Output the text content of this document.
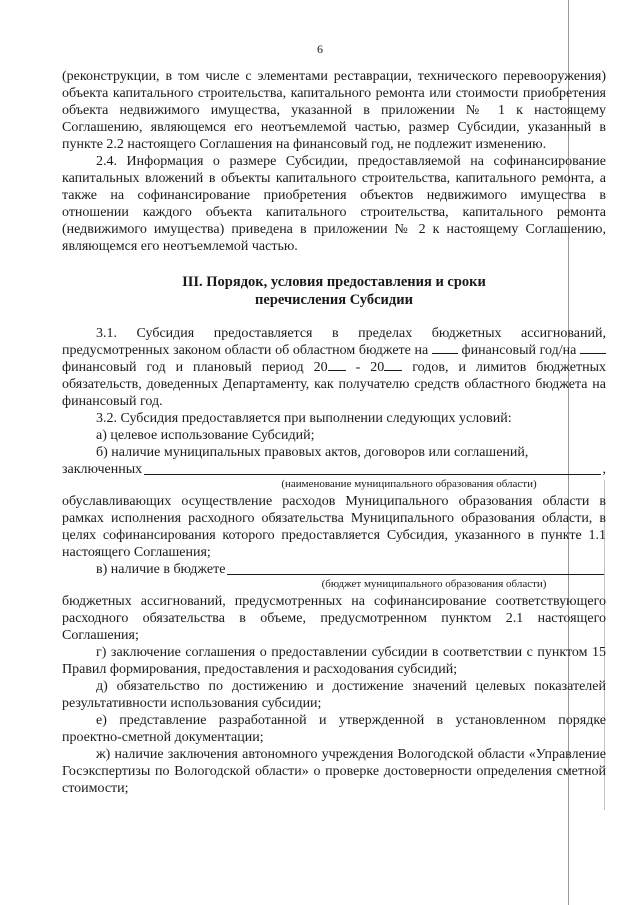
6

(реконструкции, в том числе с элементами реставрации, технического перевооружения) объекта капитального строительства, капитального ремонта или стоимости приобретения объекта недвижимого имущества, указанной в приложении № 1 к настоящему Соглашению, являющемся его неотъемлемой частью, размер Субсидии, указанный в пункте 2.2 настоящего Соглашения на финансовый год, не подлежит изменению.

2.4. Информация о размере Субсидии, предоставляемой на софинансирование капитальных вложений в объекты капитального строительства, капитального ремонта, а также на софинансирование приобретения объектов недвижимого имущества в отношении каждого объекта капитального строительства, капитального ремонта (недвижимого имущества) приведена в приложении № 2 к настоящему Соглашению, являющемся его неотъемлемой частью.

III. Порядок, условия предоставления и сроки
перечисления Субсидии

3.1. Субсидия предоставляется в пределах бюджетных ассигнований, предусмотренных законом области об областном бюджете на  финансовый год/на  финансовый год и плановый период 20 - 20 годов, и лимитов бюджетных обязательств, доведенных Департаменту, как получателю средств областного бюджета на финансовый год.

3.2. Субсидия предоставляется при выполнении следующих условий:

а) целевое использование Субсидий;

б) наличие муниципальных правовых актов, договоров или соглашений,

заключенных	,
(наименование муниципального образования области)

обуславливающих осуществление расходов Муниципального образования области в рамках исполнения расходного обязательства Муниципального образования области, в целях софинансирования которого предоставляется Субсидия, указанного в пункте 1.1 настоящего Соглашения;

в) наличие в бюджете
(бюджет муниципального образования области)

бюджетных ассигнований, предусмотренных на софинансирование соответствующего расходного обязательства в объеме, предусмотренном пунктом 2.1 настоящего Соглашения;

г) заключение соглашения о предоставлении субсидии в соответствии с пунктом 15 Правил формирования, предоставления и расходования субсидий;

д) обязательство по достижению и достижение значений целевых показателей результативности использования субсидии;

е) представление разработанной и утвержденной в установленном порядке проектно-сметной документации;

ж) наличие заключения автономного учреждения Вологодской области «Управление Госэкспертизы по Вологодской области» о проверке достоверности определения сметной стоимости;
